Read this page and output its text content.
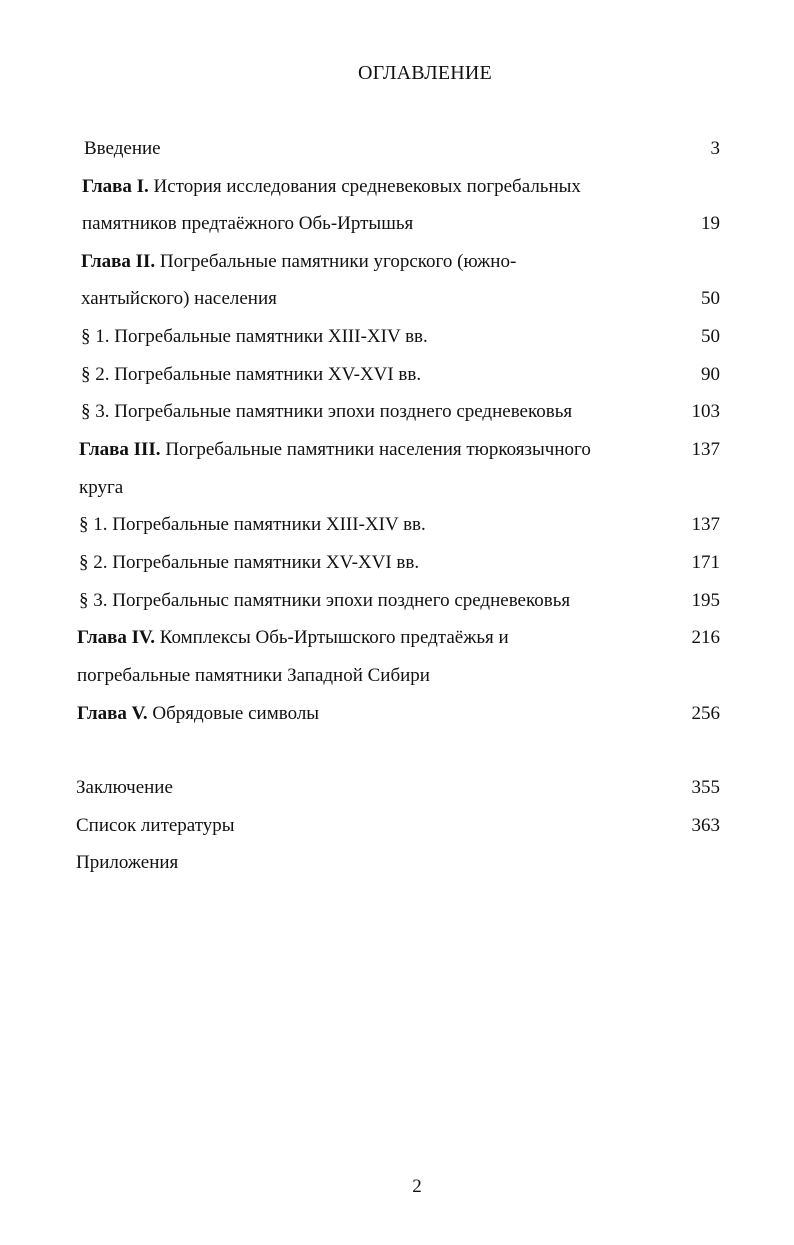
ОГЛАВЛЕНИЕ
Введение	3
Глава I. История исследования средневековых погребальных
памятников предтаёжного Обь-Иртышья	19
Глава II. Погребальные памятники угорского (южно-
хантыйского) населения	50
§ 1. Погребальные памятники XIII-XIV вв.	50
§ 2. Погребальные памятники XV-XVI вв.	90
§ 3. Погребальные памятники эпохи позднего средневековья	103
Глава III. Погребальные памятники населения тюркоязычного	137
круга
§ 1. Погребальные памятники XIII-XIV вв.	137
§ 2. Погребальные памятники XV-XVI вв.	171
§ 3. Погребальныс памятники эпохи позднего средневековья	195
Глава IV. Комплексы Обь-Иртышского предтаёжья и	216
погребальные памятники Западной Сибири
Глава V. Обрядовые символы	256
Заключение	355
Список литературы	363
Приложения
2
